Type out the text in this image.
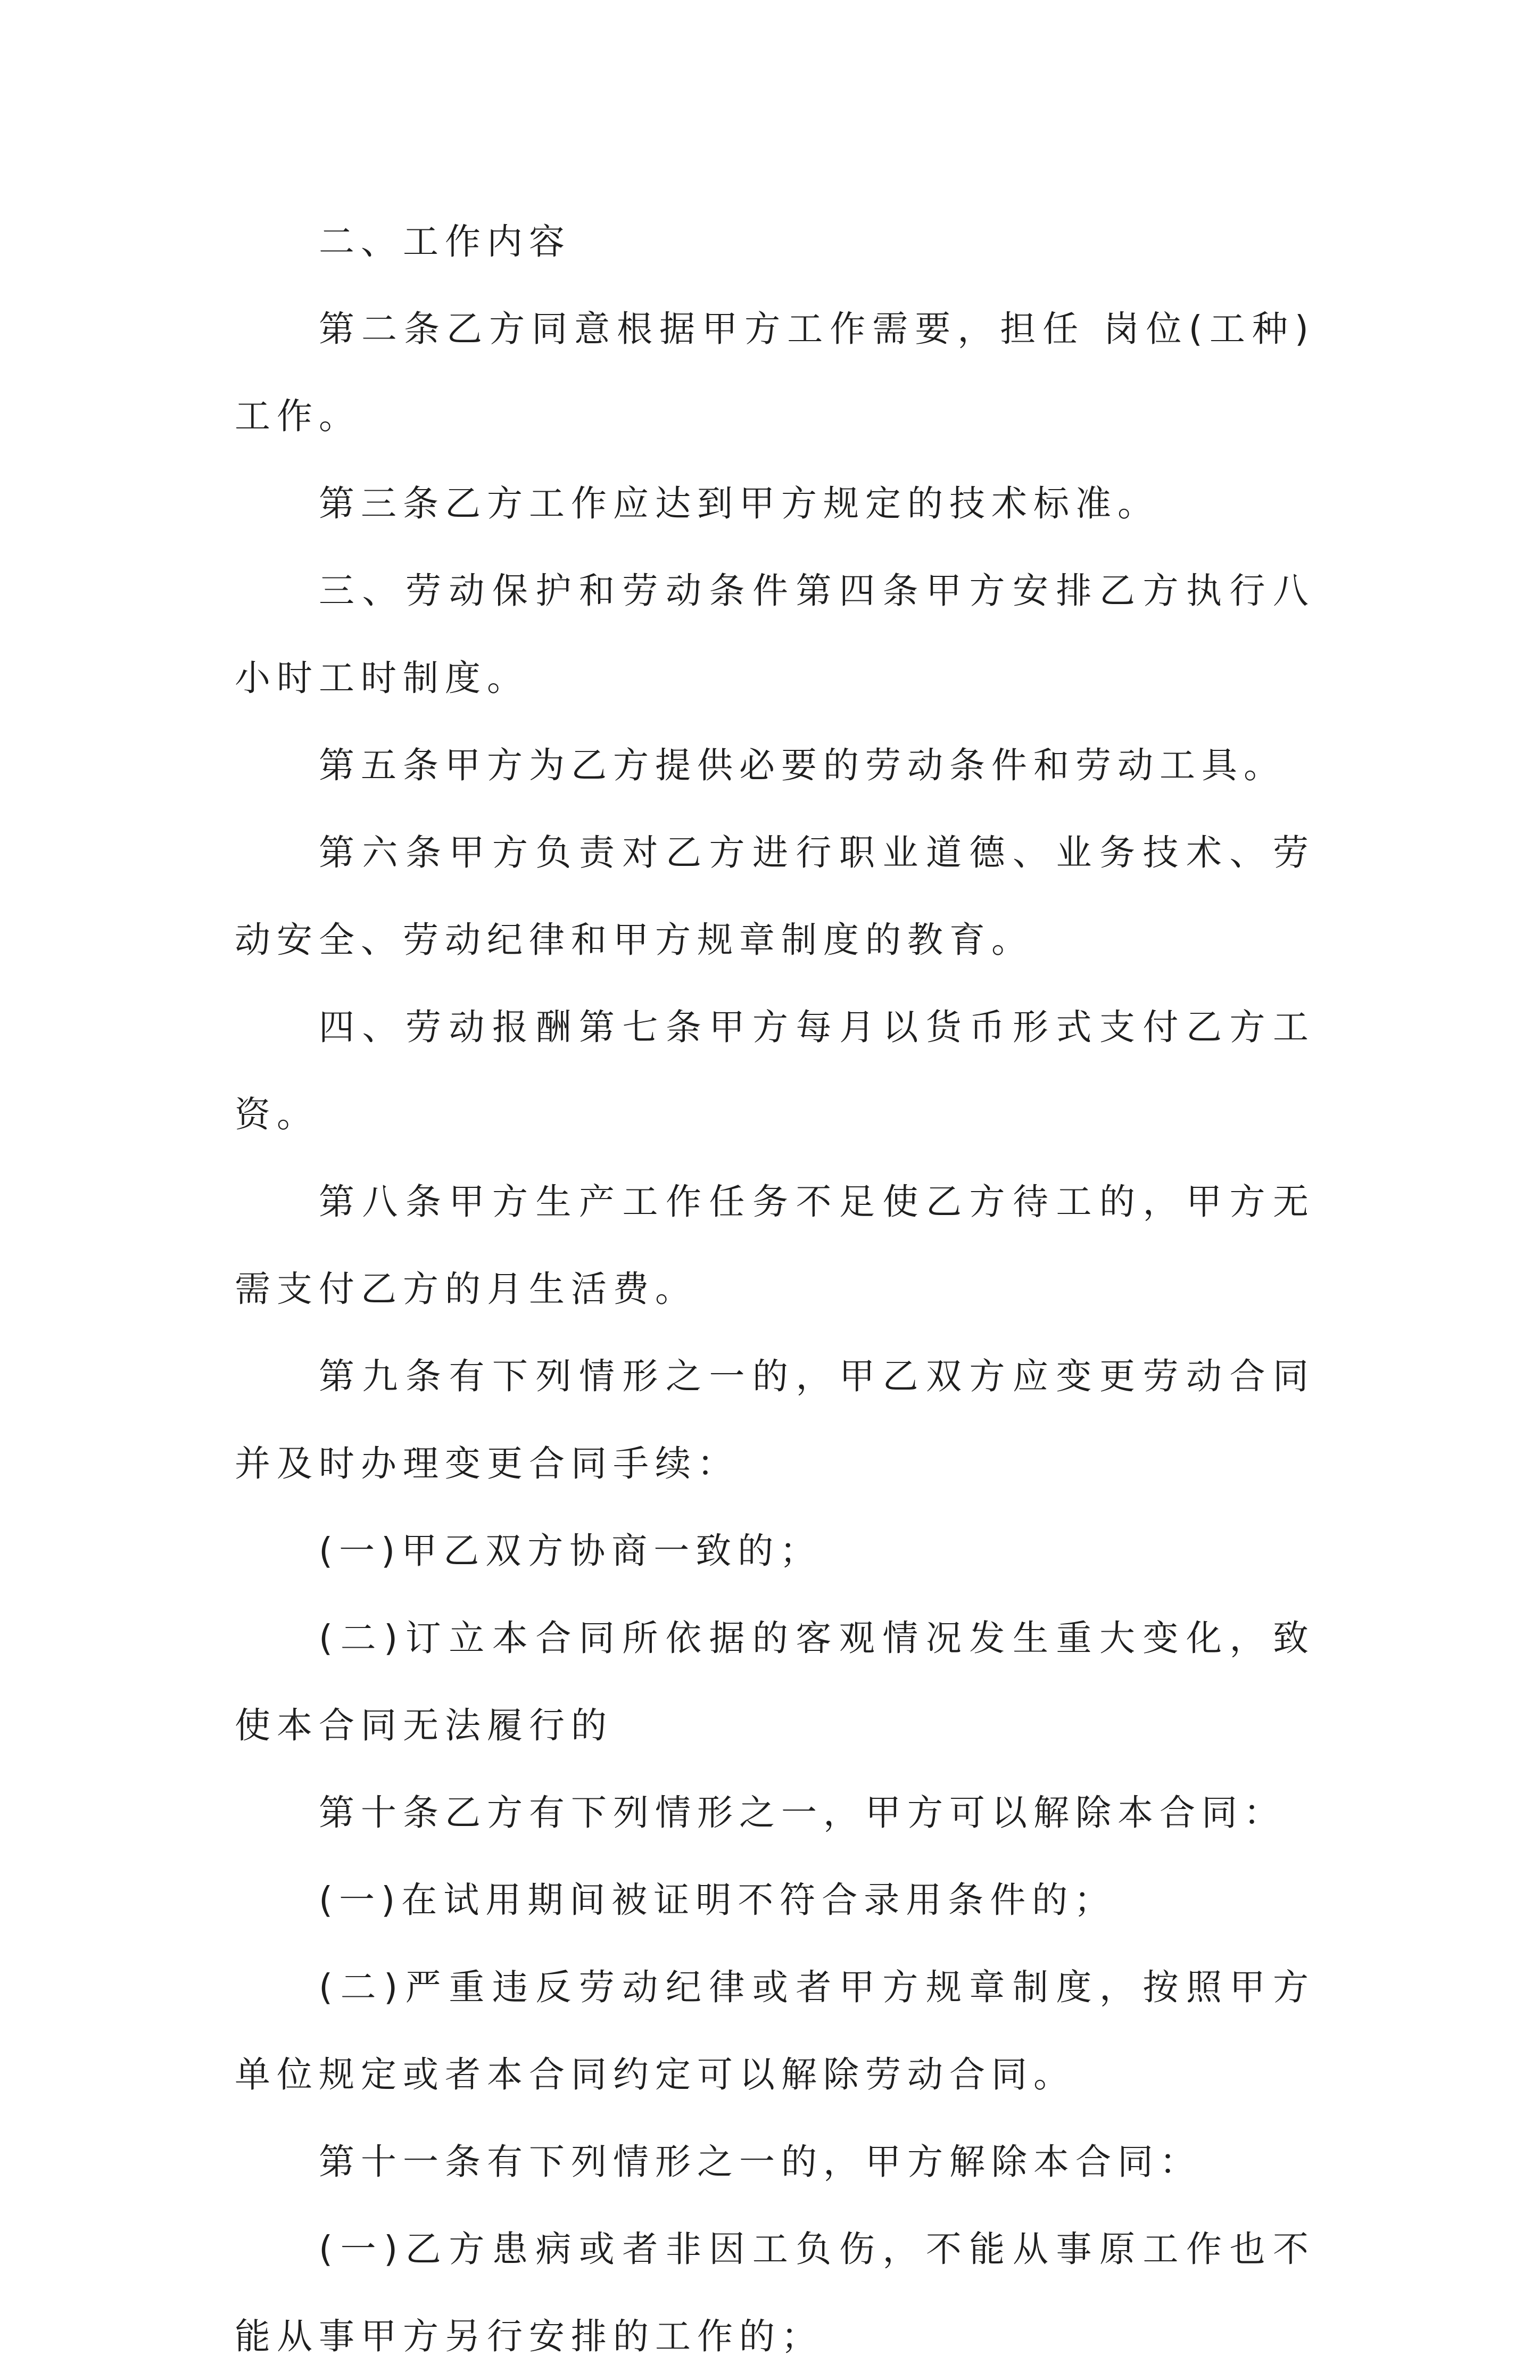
二、工作内容

第二条乙方同意根据甲方工作需要，担任 岗位(工种)工作。

第三条乙方工作应达到甲方规定的技术标准。

三、劳动保护和劳动条件第四条甲方安排乙方执行八小时工时制度。

第五条甲方为乙方提供必要的劳动条件和劳动工具。

第六条甲方负责对乙方进行职业道德、业务技术、劳动安全、劳动纪律和甲方规章制度的教育。

四、劳动报酬第七条甲方每月以货币形式支付乙方工资。

第八条甲方生产工作任务不足使乙方待工的，甲方无需支付乙方的月生活费。

第九条有下列情形之一的，甲乙双方应变更劳动合同并及时办理变更合同手续：

(一)甲乙双方协商一致的；

(二)订立本合同所依据的客观情况发生重大变化，致使本合同无法履行的

第十条乙方有下列情形之一，甲方可以解除本合同：

(一)在试用期间被证明不符合录用条件的；

(二)严重违反劳动纪律或者甲方规章制度，按照甲方单位规定或者本合同约定可以解除劳动合同。

第十一条有下列情形之一的，甲方解除本合同：

(一)乙方患病或者非因工负伤，不能从事原工作也不能从事甲方另行安排的工作的；
